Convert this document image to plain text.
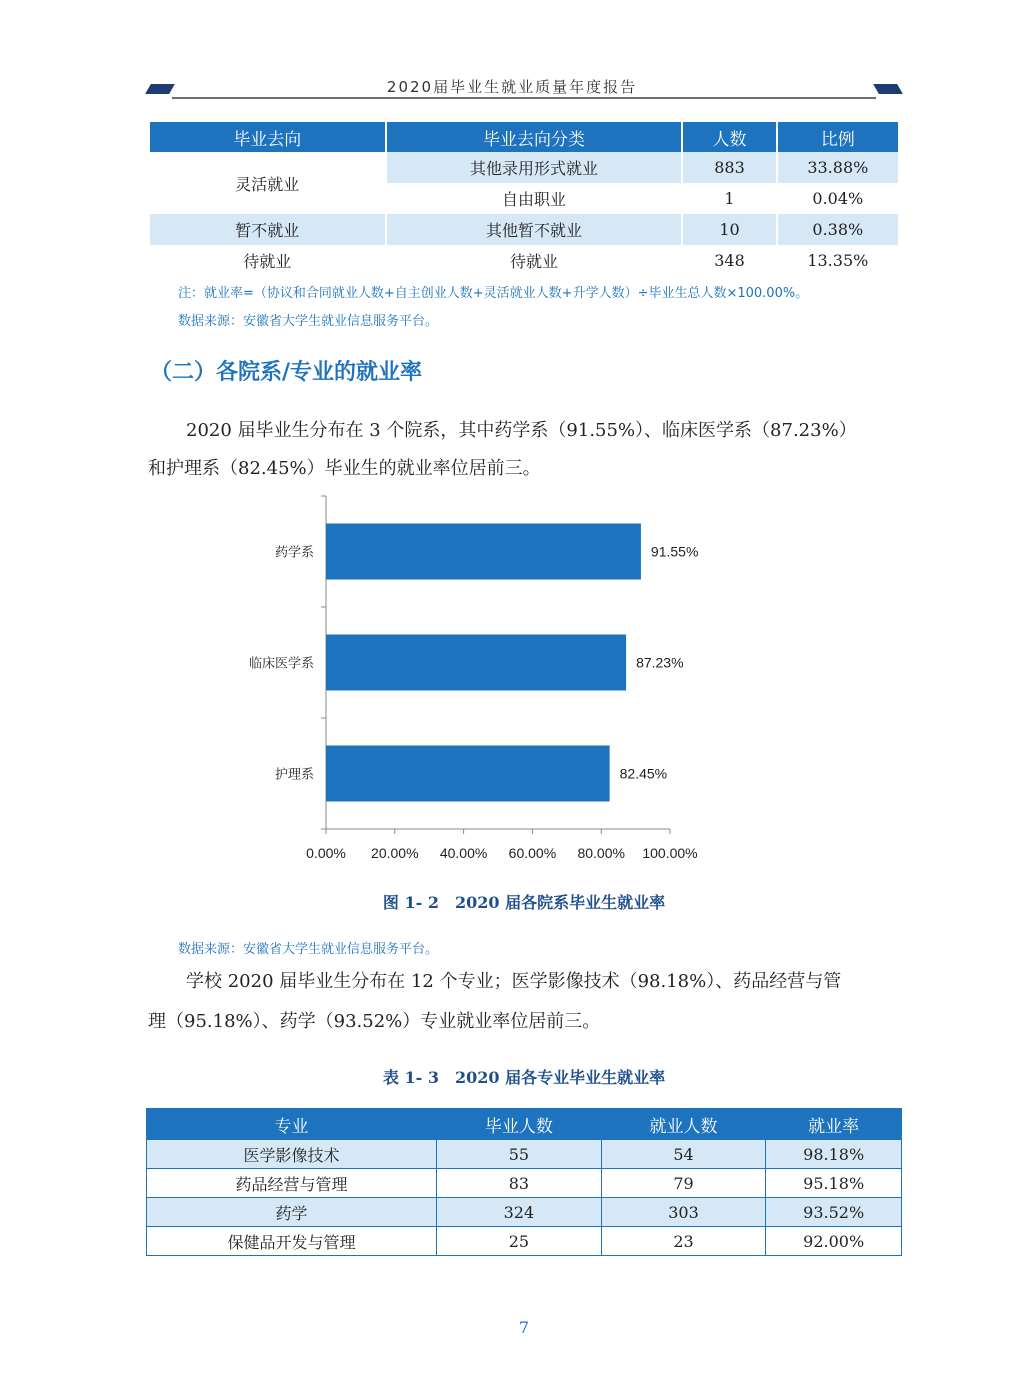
2020届毕业生就业质量年度报告
毕业去向	毕业去向分类	人数	比例
灵活就业	其他录用形式就业	883	33.88%
	自由职业	1	0.04%
暂不就业	其他暂不就业	10	0.38%
待就业	待就业	348	13.35%
注：就业率=（协议和合同就业人数+自主创业人数+灵活就业人数+升学人数）÷毕业生总人数×100.00%。
数据来源：安徽省大学生就业信息服务平台。
（二）各院系/专业的就业率
2020 届毕业生分布在 3 个院系，其中药学系（91.55%）、临床医学系（87.23%）
和护理系（82.45%）毕业生的就业率位居前三。
0.00% 20.00% 40.00% 60.00% 80.00% 100.00%
药学系	91.55%
临床医学系	87.23%
护理系	82.45%
图 1- 2　2020 届各院系毕业生就业率
数据来源：安徽省大学生就业信息服务平台。
学校 2020 届毕业生分布在 12 个专业；医学影像技术（98.18%）、药品经营与管
理（95.18%）、药学（93.52%）专业就业率位居前三。
表 1- 3　2020 届各专业毕业生就业率
专业	毕业人数	就业人数	就业率
医学影像技术	55	54	98.18%
药品经营与管理	83	79	95.18%
药学	324	303	93.52%
保健品开发与管理	25	23	92.00%
7
